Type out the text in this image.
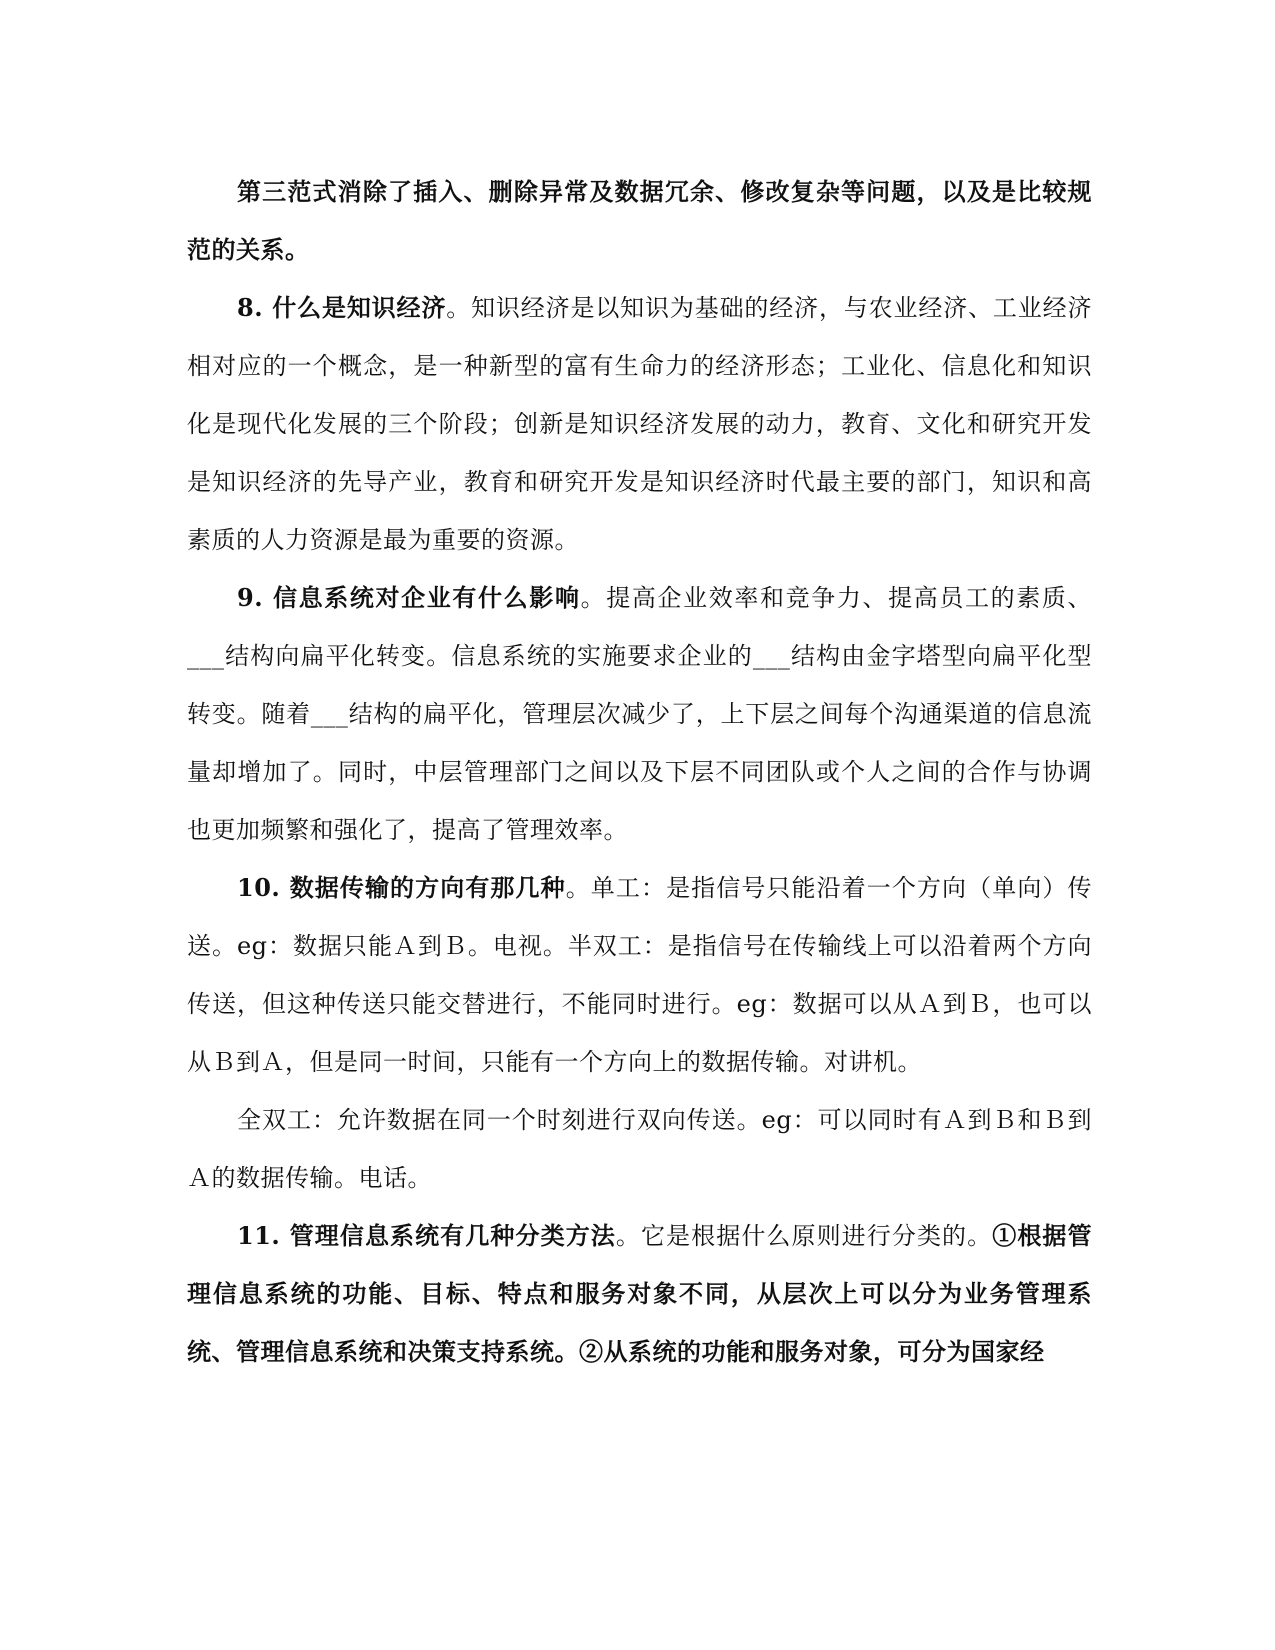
第三范式消除了插入、删除异常及数据冗余、修改复杂等问题，以及是比较规范的关系。

8. 什么是知识经济。知识经济是以知识为基础的经济，与农业经济、工业经济相对应的一个概念，是一种新型的富有生命力的经济形态；工业化、信息化和知识化是现代化发展的三个阶段；创新是知识经济发展的动力，教育、文化和研究开发是知识经济的先导产业，教育和研究开发是知识经济时代最主要的部门，知识和高素质的人力资源是最为重要的资源。

9. 信息系统对企业有什么影响。提高企业效率和竞争力、提高员工的素质、___结构向扁平化转变。信息系统的实施要求企业的___结构由金字塔型向扁平化型转变。随着___结构的扁平化，管理层次减少了，上下层之间每个沟通渠道的信息流量却增加了。同时，中层管理部门之间以及下层不同团队或个人之间的合作与协调也更加频繁和强化了，提高了管理效率。

10. 数据传输的方向有那几种。单工：是指信号只能沿着一个方向（单向）传送。eg：数据只能Ａ到Ｂ。电视。半双工：是指信号在传输线上可以沿着两个方向传送，但这种传送只能交替进行，不能同时进行。eg：数据可以从Ａ到Ｂ，也可以从Ｂ到Ａ，但是同一时间，只能有一个方向上的数据传输。对讲机。

全双工：允许数据在同一个时刻进行双向传送。eg：可以同时有Ａ到Ｂ和Ｂ到Ａ的数据传输。电话。

11. 管理信息系统有几种分类方法。它是根据什么原则进行分类的。①根据管理信息系统的功能、目标、特点和服务对象不同，从层次上可以分为业务管理系统、管理信息系统和决策支持系统。②从系统的功能和服务对象，可分为国家经
